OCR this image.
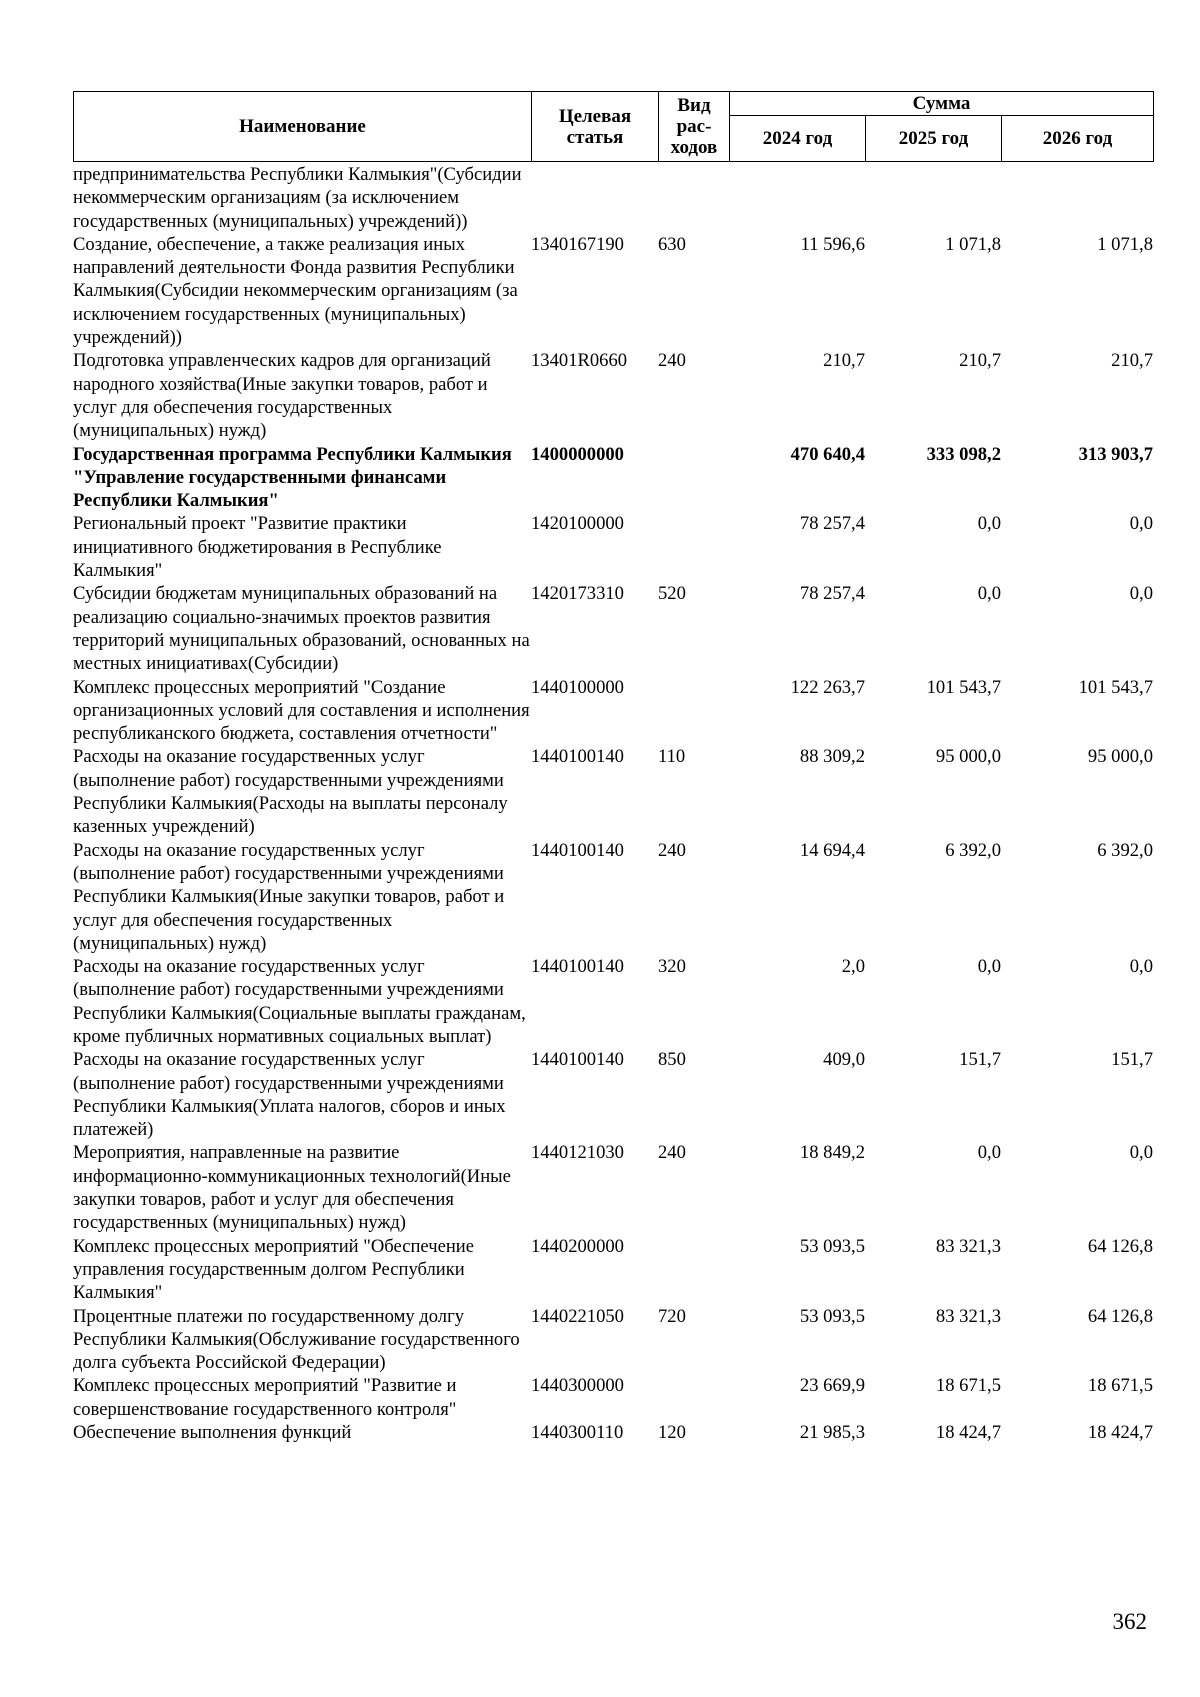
Наименование	Целевая статья	Вид рас-ходов	Сумма		
			2024 год	2025 год	2026 год
предпринимательства Республики Калмыкия"(Субсидии некоммерческим организациям (за исключением государственных (муниципальных) учреждений))					
Создание, обеспечение, а также реализация иных направлений деятельности Фонда развития Республики Калмыкия(Субсидии некоммерческим организациям (за исключением государственных (муниципальных) учреждений))	1340167190	630	11 596,6	1 071,8	1 071,8
Подготовка управленческих кадров для организаций народного хозяйства(Иные закупки товаров, работ и услуг для обеспечения государственных (муниципальных) нужд)	13401R0660	240	210,7	210,7	210,7
Государственная программа Республики Калмыкия "Управление государственными финансами Республики Калмыкия"	1400000000		470 640,4	333 098,2	313 903,7
Региональный проект "Развитие практики инициативного бюджетирования в Республике Калмыкия"	1420100000		78 257,4	0,0	0,0
Субсидии бюджетам муниципальных образований на реализацию социально-значимых проектов развития территорий муниципальных образований, основанных на местных инициативах(Субсидии)	1420173310	520	78 257,4	0,0	0,0
Комплекс процессных мероприятий "Создание организационных условий для составления и исполнения республиканского бюджета, составления отчетности"	1440100000		122 263,7	101 543,7	101 543,7
Расходы на оказание государственных услуг (выполнение работ) государственными учреждениями Республики Калмыкия(Расходы на выплаты персоналу казенных учреждений)	1440100140	110	88 309,2	95 000,0	95 000,0
Расходы на оказание государственных услуг (выполнение работ) государственными учреждениями Республики Калмыкия(Иные закупки товаров, работ и услуг для обеспечения государственных (муниципальных) нужд)	1440100140	240	14 694,4	6 392,0	6 392,0
Расходы на оказание государственных услуг (выполнение работ) государственными учреждениями Республики Калмыкия(Социальные выплаты гражданам, кроме публичных нормативных социальных выплат)	1440100140	320	2,0	0,0	0,0
Расходы на оказание государственных услуг (выполнение работ) государственными учреждениями Республики Калмыкия(Уплата налогов, сборов и иных платежей)	1440100140	850	409,0	151,7	151,7
Мероприятия, направленные на развитие информационно-коммуникационных технологий(Иные закупки товаров, работ и услуг для обеспечения государственных (муниципальных) нужд)	1440121030	240	18 849,2	0,0	0,0
Комплекс процессных мероприятий "Обеспечение управления государственным долгом Республики Калмыкия"	1440200000		53 093,5	83 321,3	64 126,8
Процентные платежи по государственному долгу Республики Калмыкия(Обслуживание государственного долга субъекта Российской Федерации)	1440221050	720	53 093,5	83 321,3	64 126,8
Комплекс процессных мероприятий "Развитие и совершенствование государственного контроля"	1440300000		23 669,9	18 671,5	18 671,5
Обеспечение выполнения функций	1440300110	120	21 985,3	18 424,7	18 424,7
362
